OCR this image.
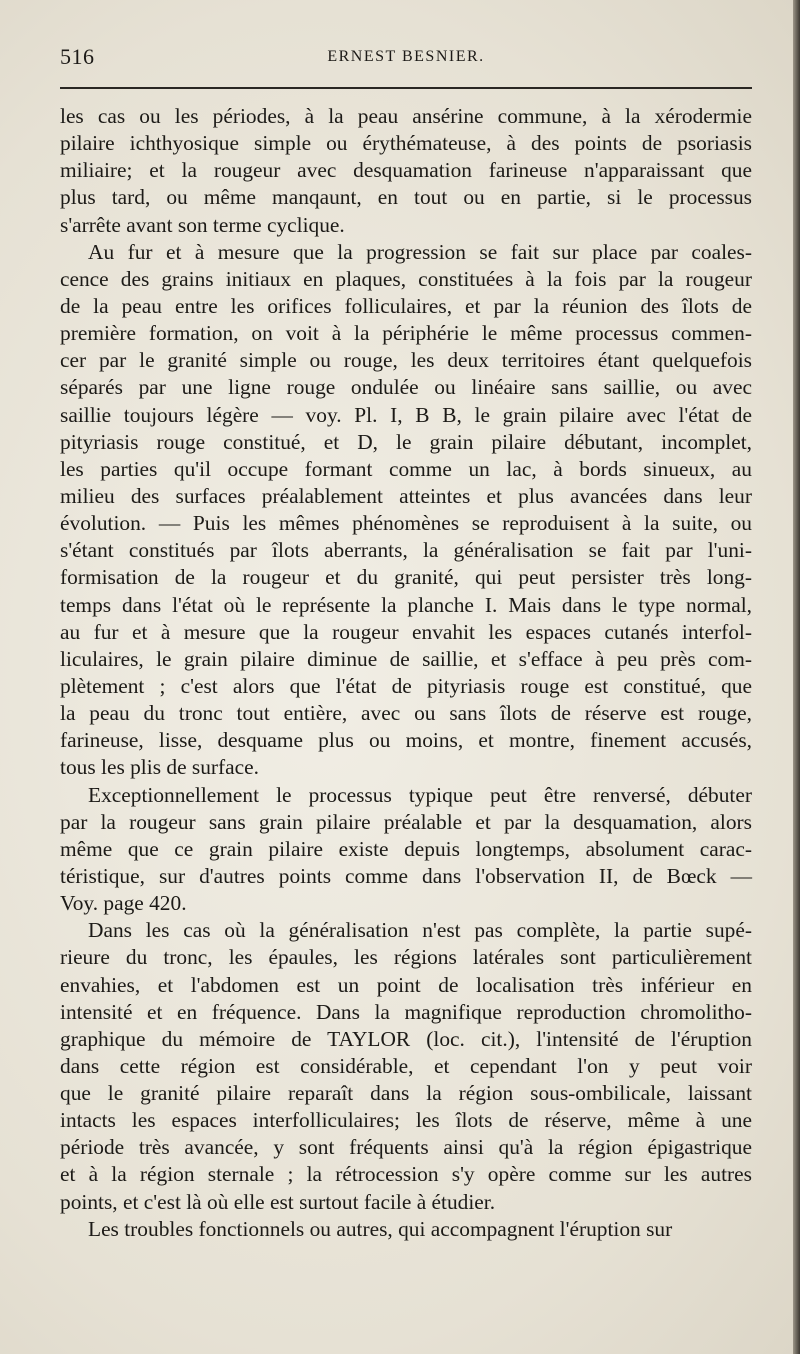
516	ERNEST BESNIER.
les cas ou les périodes, à la peau ansérine commune, à la xérodermie
pilaire ichthyosique simple ou érythémateuse, à des points de psoriasis
miliaire; et la rougeur avec desquamation farineuse n'apparaissant que
plus tard, ou même manqaunt, en tout ou en partie, si le processus
s'arrête avant son terme cyclique.
Au fur et à mesure que la progression se fait sur place par coales-
cence des grains initiaux en plaques, constituées à la fois par la rougeur
de la peau entre les orifices folliculaires, et par la réunion des îlots de
première formation, on voit à la périphérie le même processus commen-
cer par le granité simple ou rouge, les deux territoires étant quelquefois
séparés par une ligne rouge ondulée ou linéaire sans saillie, ou avec
saillie toujours légère — voy. Pl. I, B B, le grain pilaire avec l'état de
pityriasis rouge constitué, et D, le grain pilaire débutant, incomplet,
les parties qu'il occupe formant comme un lac, à bords sinueux, au
milieu des surfaces préalablement atteintes et plus avancées dans leur
évolution. — Puis les mêmes phénomènes se reproduisent à la suite, ou
s'étant constitués par îlots aberrants, la généralisation se fait par l'uni-
formisation de la rougeur et du granité, qui peut persister très long-
temps dans l'état où le représente la planche I. Mais dans le type normal,
au fur et à mesure que la rougeur envahit les espaces cutanés interfol-
liculaires, le grain pilaire diminue de saillie, et s'efface à peu près com-
plètement ; c'est alors que l'état de pityriasis rouge est constitué, que
la peau du tronc tout entière, avec ou sans îlots de réserve est rouge,
farineuse, lisse, desquame plus ou moins, et montre, finement accusés,
tous les plis de surface.
Exceptionnellement le processus typique peut être renversé, débuter
par la rougeur sans grain pilaire préalable et par la desquamation, alors
même que ce grain pilaire existe depuis longtemps, absolument carac-
téristique, sur d'autres points comme dans l'observation II, de Bœck —
Voy. page 420.
Dans les cas où la généralisation n'est pas complète, la partie supé-
rieure du tronc, les épaules, les régions latérales sont particulièrement
envahies, et l'abdomen est un point de localisation très inférieur en
intensité et en fréquence. Dans la magnifique reproduction chromolitho-
graphique du mémoire de TAYLOR (loc. cit.), l'intensité de l'éruption
dans cette région est considérable, et cependant l'on y peut voir
que le granité pilaire reparaît dans la région sous-ombilicale, laissant
intacts les espaces interfolliculaires; les îlots de réserve, même à une
période très avancée, y sont fréquents ainsi qu'à la région épigastrique
et à la région sternale ; la rétrocession s'y opère comme sur les autres
points, et c'est là où elle est surtout facile à étudier.
Les troubles fonctionnels ou autres, qui accompagnent l'éruption sur
